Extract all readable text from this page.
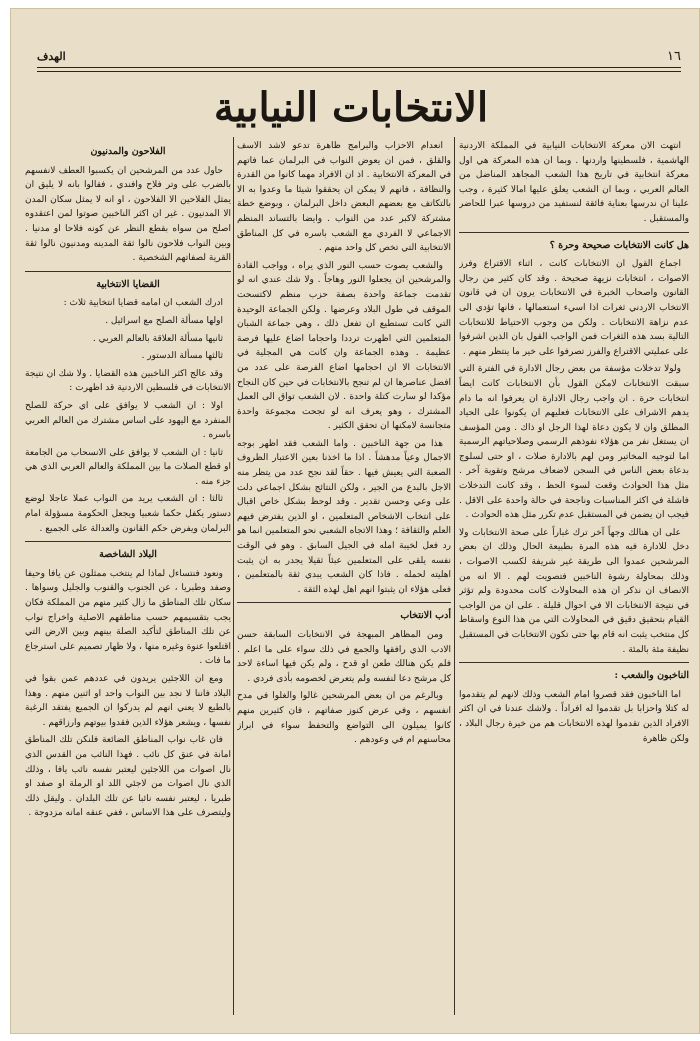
١٦
الهدف
الانتخابات النيابية

انتهت الان معركة الانتخابات النيابية في المملكة الاردنية الهاشمية ، فلسطينها واردنها . وبما ان هذه المعركة هي اول معركة انتخابية في تاريخ هذا الشعب المجاهد المناضل من العالم العربي ، وبما ان الشعب يعلق عليها امالا كثيرة ، وجب علينا ان ندرسها بعناية فائقة لنستفيد من دروسها عبرا للحاضر والمستقبل .

هل كانت الانتخابات صحيحة وحرة ؟

اجماع القول ان الانتخابات كانت ، اثناء الاقتراع وفرز الاصوات ، انتخابات نزيهة صحيحة . وقد كان كثير من رجال القانون واصحاب الخبرة في الانتخابات يرون ان في قانون الانتخاب الاردني ثغرات اذا اسيء استعمالها ، فانها تؤدي الى عدم نزاهة الانتخابات . ولكن من وجوب الاحتياط للانتخابات التالية بسد هذه الثغرات فمن الواجب القول بان الذين اشرفوا على عمليتي الاقتراع والفرز تصرفوا على خير ما ينتظر منهم .

ولولا تدخلات مؤسفة من بعض رجال الادارة في الفترة التي سبقت الانتخابات لامكن القول بأن الانتخابات كانت ايضاً انتخابات حرة . ان واجب رجال الادارة ان يعرفوا انه ما دام يدهم الاشراف على الانتخابات فعليهم ان يكونوا على الحياد المطلق وان لا يكون دعاة لهذا الرجل او ذاك . ومن المؤسف ان يستغل نفر من هؤلاء نفوذهم الرسمي وصلاحياتهم الرسمية اما لتوجيه المخاتير ومن لهم بالادارة صلات ، او حتى لسلوج بدعاة بعض الناس في السجن لاضعاف مرشح وتقوية آخر . مثل هذا الحوادث وقعت لسوء الحظ ، وقد كانت التدخلات فاشلة في اكثر المناسبات وناجحة في حالة واحدة على الاقل . فيجب ان يضمن في المستقبل عدم تكرر مثل هذه الحوادث .

على ان هنالك وجهاً آخر ترك غباراً على صحة الانتخابات ولا دخل للادارة فيه هذه المرة بطبيعة الحال وذلك ان بعض المرشحين عمدوا الى طريقة غير شريفة لكسب الاصوات ، وذلك بمحاولة رشوة الناخبين فتصويت لهم . الا انه من الانصاف ان نذكر ان هذه المحاولات كانت محدودة ولم تؤثر في نتيجة الانتخابات الا في احوال قليلة . على ان من الواجب القيام بتحقيق دقيق في المحاولات التي من هذا النوع واسقاط كل منتخب يثبت انه قام بها حتى تكون الانتخابات في المستقبل نظيفة مئة بالمئة .

الناخبون والشعب :

اما الناخبون فقد قصروا امام الشعب وذلك لانهم لم يتقدموا له كتلا واحزابا بل تقدموا له افراداً . ولاشك عندنا في ان اكثر الافراد الذين تقدموا لهذه الانتخابات هم من خيرة رجال البلاد ، ولكن ظاهرة

انعدام الاحزاب والبرامج ظاهرة تدعو لاشد الاسف والقلق ، فمن ان يعوض النواب في البرلمان عما فاتهم في المعركة الانتخابية . اذ ان الافراد مهما كانوا من القدرة والنظافة ، فانهم لا يمكن ان يحققوا شيئا ما وعدوا به الا بالتكاتف مع بعضهم البعض داخل البرلمان ، وبوضع خطة مشتركة لاكبر عدد من النواب . وايضا بالتساند المنظم الاجماعي لا الفردي مع الشعب باسره في كل المناطق الانتخابية التي تخص كل واحد منهم .

والشعب يصوت حسب النور الذي يراه ، وواجب القادة والمرشحين ان يجعلوا النور وهاجاً . ولا شك عندي انه لو تقدمت جماعة واحدة بصفة حزب منظم لاكتسحت الموقف في طول البلاد وعرضها . ولكن الجماعة الوحيدة التي كانت تستطيع ان تفعل ذلك ، وهي جماعة الشبان المتعلمين التي اظهرت ترددا واحجاما اضاع عليها فرصة عظيمة . وهذه الجماعة وان كانت هي المجلية في الانتخابات الا ان احجامها اضاع الفرصة على عدد من افضل عناصرها ان لم تنجح بالانتخابات في حين كان النجاح مؤكدا لو سارت كتلة واحدة . لان الشعب تواق الى العمل المشترك ، وهو يعرف انه لو تجحت مجموعة واحدة متجانسة لامكنها ان تحقق الكثير .

هذا من جهة الناخبين . واما الشعب فقد اظهر بوجه الاجمال وعياً مدهشاً . اذا ما اخذنا بعين الاعتبار الظروف الصعبة التي يعيش فيها . حقاً لقد نجح عدد من يتظر منه الاجل بالبدع من الجير ، ولكن النتائج بشكل اجماعي دلت على وعي وحسن تقدير . وقد لوحظ بشكل خاص اقبال على انتخاب الاشخاص المتعلمين ، او الذين يفترض فيهم العلم والثقافة ؛ وهذا الاتجاه الشعبي نحو المتعلمين انما هو رد فعل لخيبة امله في الجيل السابق . وهو في الوقت نفسه يلقى على المتعلمين عبئاً ثقيلا يجدر به ان يثبت اهليته لحمله . فاذا كان الشعب يبدي ثقة بالمتعلمين ، فعلى هؤلاء ان يثبتوا انهم اهل لهذه الثقة .

أدب الانتخاب

ومن المظاهر المبهجة في الانتخابات السابقة حسن الادب الذي رافقها والجمع في ذلك سواء على ما اعلم . فلم يكن هنالك طعن او قدح ، ولم يكن فيها اساءة لاحد كل مرشح دعا لنفسه ولم يتعرض لخصومه بأذى فردي .

وبالرغم من ان بعض المرشحين غالوا والغلوا في مدح انفسهم ، وفي عرض كنوز صفاتهم ، فان كثيرين منهم كانوا يميلون الى التواضع والتحفظ سواء في ابراز محاسنهم ام في وعودهم .

الفلاحون والمدنيون

حاول عدد من المرشحين ان يكسبوا العطف لانفسهم بالضرب على وتر فلاح وافندي ، فقالوا بانه لا يليق ان يمثل الفلاحين الا الفلاحون ، او انه لا يمثل سكان المدن الا المدنيون . غير ان اكثر الناخبين صوتوا لمن اعتقدوه اصلح من سواه بقطع النظر عن كونه فلاحا او مدنيا . وبين النواب فلاحون نالوا ثقة المدينه ومدنيون نالوا ثقة القرية لصفاتهم الشخصية .

القضايا الانتخابية

ادرك الشعب ان امامه قضايا انتخابية ثلاث :

اولها مسألة الصلح مع اسرائيل .

ثانيها مسألة العلاقة بالعالم العربي .

ثالثها مسألة الدستور .

وقد عالج اكثر الناخبين هذه القضايا . ولا شك ان نتيجة الانتخابات في فلسطين الاردنية قد اظهرت :

اولا : ان الشعب لا يوافق على اي حركة للصلح المنفرد مع اليهود على اساس مشترك من العالم العربي باسره .

ثانيا : ان الشعب لا يوافق على الانسحاب من الجامعة او قطع الصلات ما بين المملكة والعالم العربي الذي هي جزء منه .

ثالثا : ان الشعب يريد من النواب عملا عاجلا لوضع دستور يكفل حكما شعبيا ويجعل الحكومة مسؤولة امام البرلمان ويفرض حكم القانون والعدالة على الجميع .

البلاد الشاخصة

ونعود فنتساءل لماذا لم ينتخب ممثلون عن يافا وحيفا وصفد وطبريا ، عن الجنوب والقنوب والجليل وسواها . سكان تلك المناطق ما زال كثير منهم من المملكة فكان يجب بتقسيمهم حسب مناطقهم الاصلية واخراج نواب عن تلك المناطق لتأكيد الصلة بينهم وبين الارض التي اقتلعوا عنوة وغيره منها ، ولا ظهار تصميم على استرجاع ما فات .

ومع ان اللاجئين يريدون في عددهم عمن بقوا في البلاد فاننا لا نجد بين النواب واحد او اثنين منهم . وهذا بالطبع لا يعني انهم لم يدركوا ان الجميع يفتقد الرغبة نفسها ، ويشعر هؤلاء الذين فقدوا بيوتهم وارزاقهم .

فان غاب نواب المناطق الضائعة فلنكن تلك المناطق امانة في عنق كل نائب . فهذا النائب من القدس الذي نال اصوات من اللاجئين ليعتبر نفسه نائب يافا ، وذلك الذي نال اصوات من لاجئي اللد او الرملة او صفد او طبريا ، ليعتبر نفسه نائبا عن تلك البلدان . وليقل ذلك وليتصرف على هذا الاساس ، ففي عنقه امانه مزدوجة .
